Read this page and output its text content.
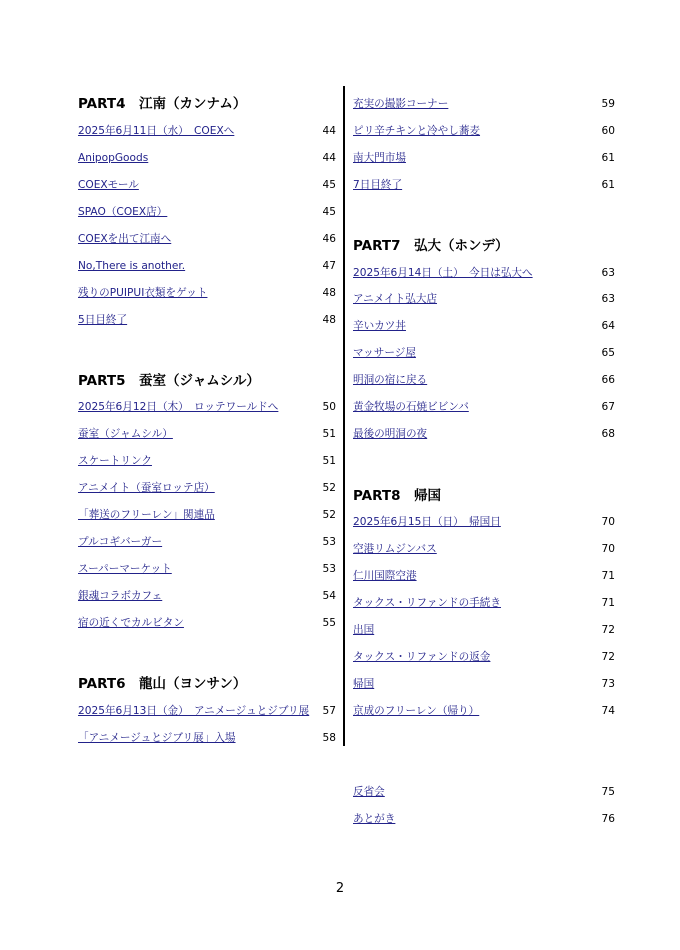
PART4　江南（カンナム）
2025年6月11日（水）　COEXへ	44
AnipopGoods	44
COEXモール	45
SPAO（COEX店）	45
COEXを出て江南へ	46
No,There is another.	47
残りのPUIPUI衣類をゲット	48
5日目終了	48
PART5　蚕室（ジャムシル）
2025年6月12日（木）　ロッテワールドへ	50
蚕室（ジャムシル）	51
スケートリンク	51
アニメイト（蚕室ロッテ店）	52
「葬送のフリーレン」関連品	52
プルコギバーガー	53
スーパーマーケット	53
銀魂コラボカフェ	54
宿の近くでカルビタン	55
PART6　龍山（ヨンサン）
2025年6月13日（金）　アニメージュとジブリ展 57
「アニメージュとジブリ展」入場	58
充実の撮影コーナー	59
ピリ辛チキンと冷やし蕎麦	60
南大門市場	61
7日目終了	61
PART7　弘大（ホンデ）
2025年6月14日（土）　今日は弘大へ	63
アニメイト弘大店	63
辛いカツ丼	64
マッサージ屋	65
明洞の宿に戻る	66
黄金牧場の石焼ビビンバ	67
最後の明洞の夜	68
PART8　帰国
2025年6月15日（日）　帰国日	70
空港リムジンバス	70
仁川国際空港	71
タックス・リファンドの手続き	71
出国	72
タックス・リファンドの返金	72
帰国	73
京成のフリーレン（帰り）	74
反省会	75
あとがき	76
2
